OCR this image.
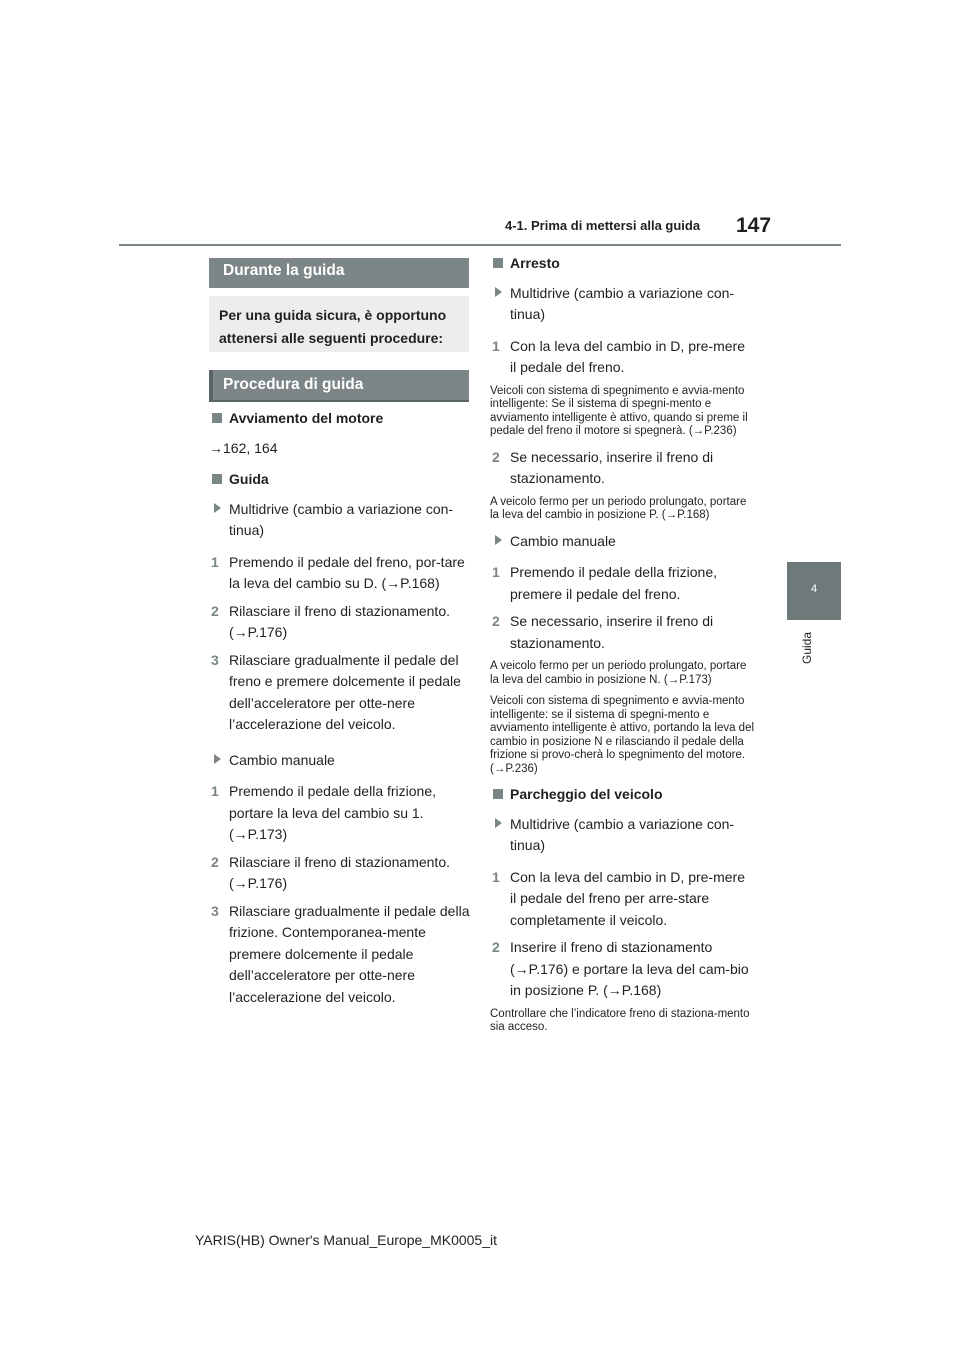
4-1. Prima di mettersi alla guida 147
4
Guida
Durante la guida
Per una guida sicura, è opportuno attenersi alle seguenti procedure:
Procedura di guida
Avviamento del motore
→162, 164
Guida
Multidrive (cambio a variazione con-tinua)
1 Premendo il pedale del freno, por-tare la leva del cambio su D. (→P.168)
2 Rilasciare il freno di stazionamento. (→P.176)
3 Rilasciare gradualmente il pedale del freno e premere dolcemente il pedale dell’acceleratore per otte-nere l’accelerazione del veicolo.
Cambio manuale
1 Premendo il pedale della frizione, portare la leva del cambio su 1. (→P.173)
2 Rilasciare il freno di stazionamento. (→P.176)
3 Rilasciare gradualmente il pedale della frizione. Contemporanea-mente premere dolcemente il pedale dell’acceleratore per otte-nere l’accelerazione del veicolo.
Arresto
Multidrive (cambio a variazione con-tinua)
1 Con la leva del cambio in D, pre-mere il pedale del freno.
Veicoli con sistema di spegnimento e avvia-mento intelligente: Se il sistema di spegni-mento e avviamento intelligente è attivo, quando si preme il pedale del freno il motore si spegnerà. (→P.236)
2 Se necessario, inserire il freno di stazionamento.
A veicolo fermo per un periodo prolungato, portare la leva del cambio in posizione P. (→P.168)
Cambio manuale
1 Premendo il pedale della frizione, premere il pedale del freno.
2 Se necessario, inserire il freno di stazionamento.
A veicolo fermo per un periodo prolungato, portare la leva del cambio in posizione N. (→P.173)
Veicoli con sistema di spegnimento e avvia-mento intelligente: se il sistema di spegni-mento e avviamento intelligente è attivo, portando la leva del cambio in posizione N e rilasciando il pedale della frizione si provo-cherà lo spegnimento del motore. (→P.236)
Parcheggio del veicolo
Multidrive (cambio a variazione con-tinua)
1 Con la leva del cambio in D, pre-mere il pedale del freno per arre-stare completamente il veicolo.
2 Inserire il freno di stazionamento (→P.176) e portare la leva del cam-bio in posizione P. (→P.168)
Controllare che l’indicatore freno di staziona-mento sia acceso.
YARIS(HB) Owner's Manual_Europe_MK0005_it
